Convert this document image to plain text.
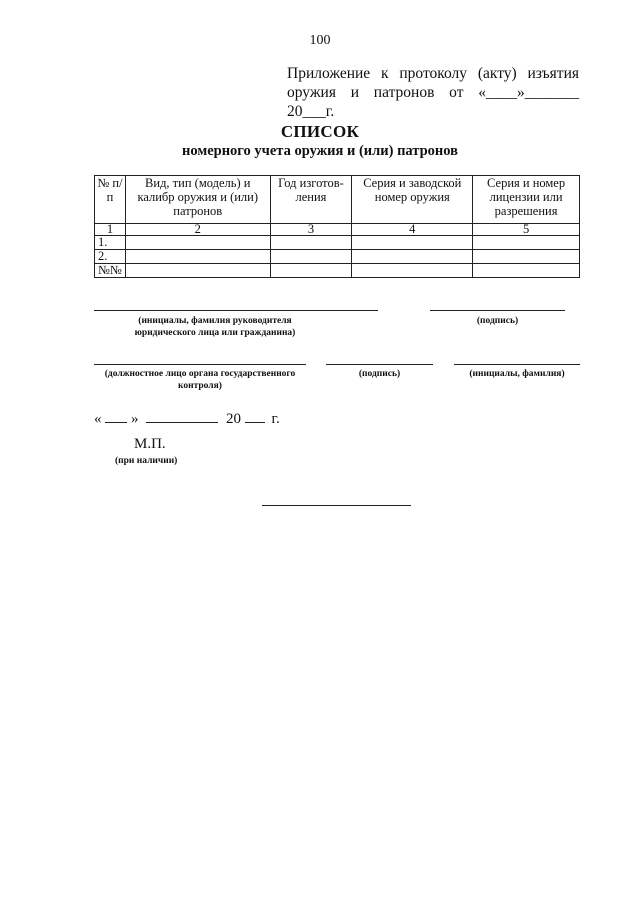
100
Приложение к протоколу (акту) изъятия
оружия и патронов от «____»_______ 20___г.
СПИСОК
номерного учета оружия и (или) патронов
№ п/п	Вид, тип (модель) и калибр оружия и (или) патронов	Год изготов-ления	Серия и заводской номер оружия	Серия и номер лицензии или разрешения
1	2	3	4	5
1.				
2.				
№№				
(инициалы, фамилия руководителя юридического лица или гражданина)
(подпись)
(должностное лицо органа государственного контроля)
(подпись)	(инициалы, фамилия)
« »	20 г.
М.П.
(при наличии)
